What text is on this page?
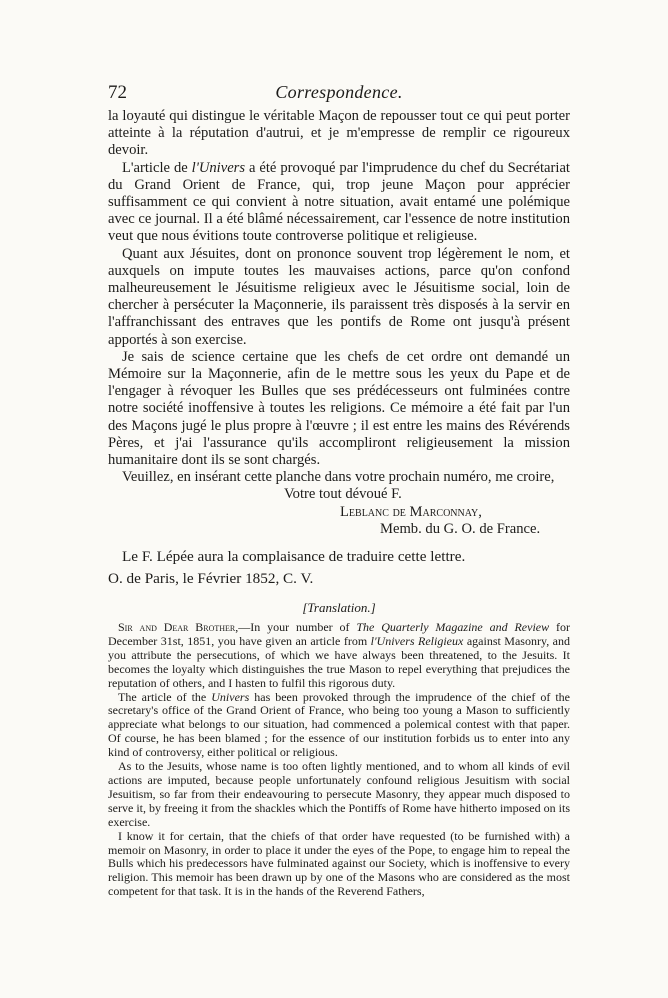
72	Correspondence.

la loyauté qui distingue le véritable Maçon de repousser tout ce qui peut porter atteinte à la réputation d'autrui, et je m'empresse de remplir ce rigoureux devoir.

L'article de l'Univers a été provoqué par l'imprudence du chef du Secrétariat du Grand Orient de France, qui, trop jeune Maçon pour apprécier suffisamment ce qui convient à notre situation, avait entamé une polémique avec ce journal. Il a été blâmé nécessairement, car l'essence de notre institution veut que nous évitions toute controverse politique et religieuse.

Quant aux Jésuites, dont on prononce souvent trop légèrement le nom, et auxquels on impute toutes les mauvaises actions, parce qu'on confond malheureusement le Jésuitisme religieux avec le Jésuitisme social, loin de chercher à persécuter la Maçonnerie, ils paraissent très disposés à la servir en l'affranchissant des entraves que les pontifs de Rome ont jusqu'à présent apportés à son exercise.

Je sais de science certaine que les chefs de cet ordre ont demandé un Mémoire sur la Maçonnerie, afin de le mettre sous les yeux du Pape et de l'engager à révoquer les Bulles que ses prédécesseurs ont fulminées contre notre société inoffensive à toutes les religions. Ce mémoire a été fait par l'un des Maçons jugé le plus propre à l'œuvre ; il est entre les mains des Révérends Pères, et j'ai l'assurance qu'ils accompliront religieusement la mission humanitaire dont ils se sont chargés.

Veuillez, en insérant cette planche dans votre prochain numéro, me croire,

Votre tout dévoué F.

Leblanc de Marconnay,

Memb. du G. O. de France.

Le F. Lépée aura la complaisance de traduire cette lettre.

O. de Paris, le Février 1852, C. V.

[Translation.]

Sir and Dear Brother,—In your number of The Quarterly Magazine and Review for December 31st, 1851, you have given an article from l'Univers Religieux against Masonry, and you attribute the persecutions, of which we have always been threatened, to the Jesuits. It becomes the loyalty which distinguishes the true Mason to repel everything that prejudices the reputation of others, and I hasten to fulfil this rigorous duty.

The article of the Univers has been provoked through the imprudence of the chief of the secretary's office of the Grand Orient of France, who being too young a Mason to sufficiently appreciate what belongs to our situation, had commenced a polemical contest with that paper. Of course, he has been blamed ; for the essence of our institution forbids us to enter into any kind of controversy, either political or religious.

As to the Jesuits, whose name is too often lightly mentioned, and to whom all kinds of evil actions are imputed, because people unfortunately confound religious Jesuitism with social Jesuitism, so far from their endeavouring to persecute Masonry, they appear much disposed to serve it, by freeing it from the shackles which the Pontiffs of Rome have hitherto imposed on its exercise.

I know it for certain, that the chiefs of that order have requested (to be furnished with) a memoir on Masonry, in order to place it under the eyes of the Pope, to engage him to repeal the Bulls which his predecessors have fulminated against our Society, which is inoffensive to every religion. This memoir has been drawn up by one of the Masons who are considered as the most competent for that task. It is in the hands of the Reverend Fathers,
